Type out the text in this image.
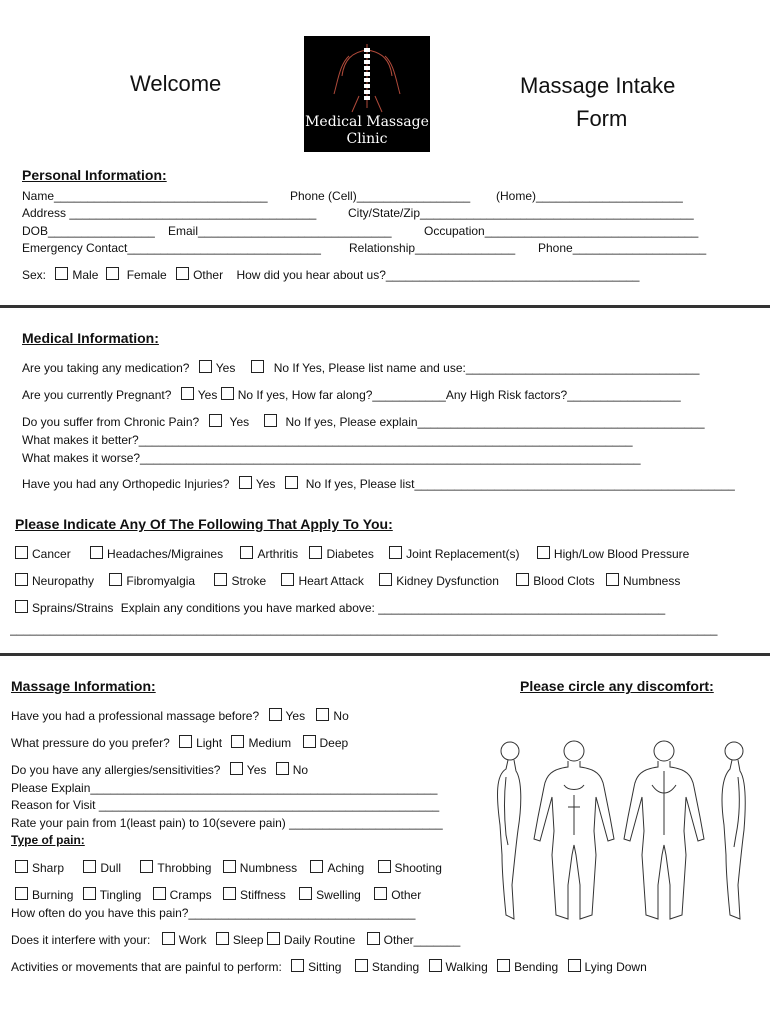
Welcome
Medical Massage
Clinic
Massage Intake
Form
Personal Information:
Name________________________________ Phone (Cell)_________________ (Home)______________________
Address _____________________________________	City/State/Zip_________________________________________
DOB________________ Email_____________________________	Occupation________________________________
Emergency Contact_____________________________ Relationship_______________ Phone____________________
Sex: Male Female Other How did you hear about us?______________________________________
Medical Information:
Are you taking any medication? Yes	No If Yes, Please list name and use:___________________________________
Are you currently Pregnant? Yes No If yes, How far along?___________Any High Risk factors?_________________
Do you suffer from Chronic Pain?	Yes	No If yes, Please explain___________________________________________
What makes it better?__________________________________________________________________________
What makes it worse?___________________________________________________________________________
Have you had any Orthopedic Injuries? Yes	No If yes, Please list________________________________________________
Please Indicate Any Of The Following That Apply To You:
Cancer	Headaches/Migraines	Arthritis Diabetes	Joint Replacement(s)	High/Low Blood Pressure
Neuropathy	Fibromyalgia	Stroke	Heart Attack	Kidney Dysfunction	Blood Clots Numbness
Sprains/Strains Explain any conditions you have marked above: ___________________________________________
__________________________________________________________________________________________________________
Massage Information:	Please circle any discomfort:
Have you had a professional massage before? Yes No
What pressure do you prefer? Light Medium Deep
Do you have any allergies/sensitivities? Yes No
Please Explain____________________________________________________
Reason for Visit ___________________________________________________
Rate your pain from 1(least pain) to 10(severe pain) _______________________
Type of pain:
Sharp	Dull	Throbbing Numbness	Aching	Shooting
Burning Tingling Cramps Stiffness	Swelling	Other
How often do you have this pain?__________________________________
Does it interfere with your: Work Sleep Daily Routine Other_______
Activities or movements that are painful to perform: Sitting	Standing Walking Bending Lying Down
